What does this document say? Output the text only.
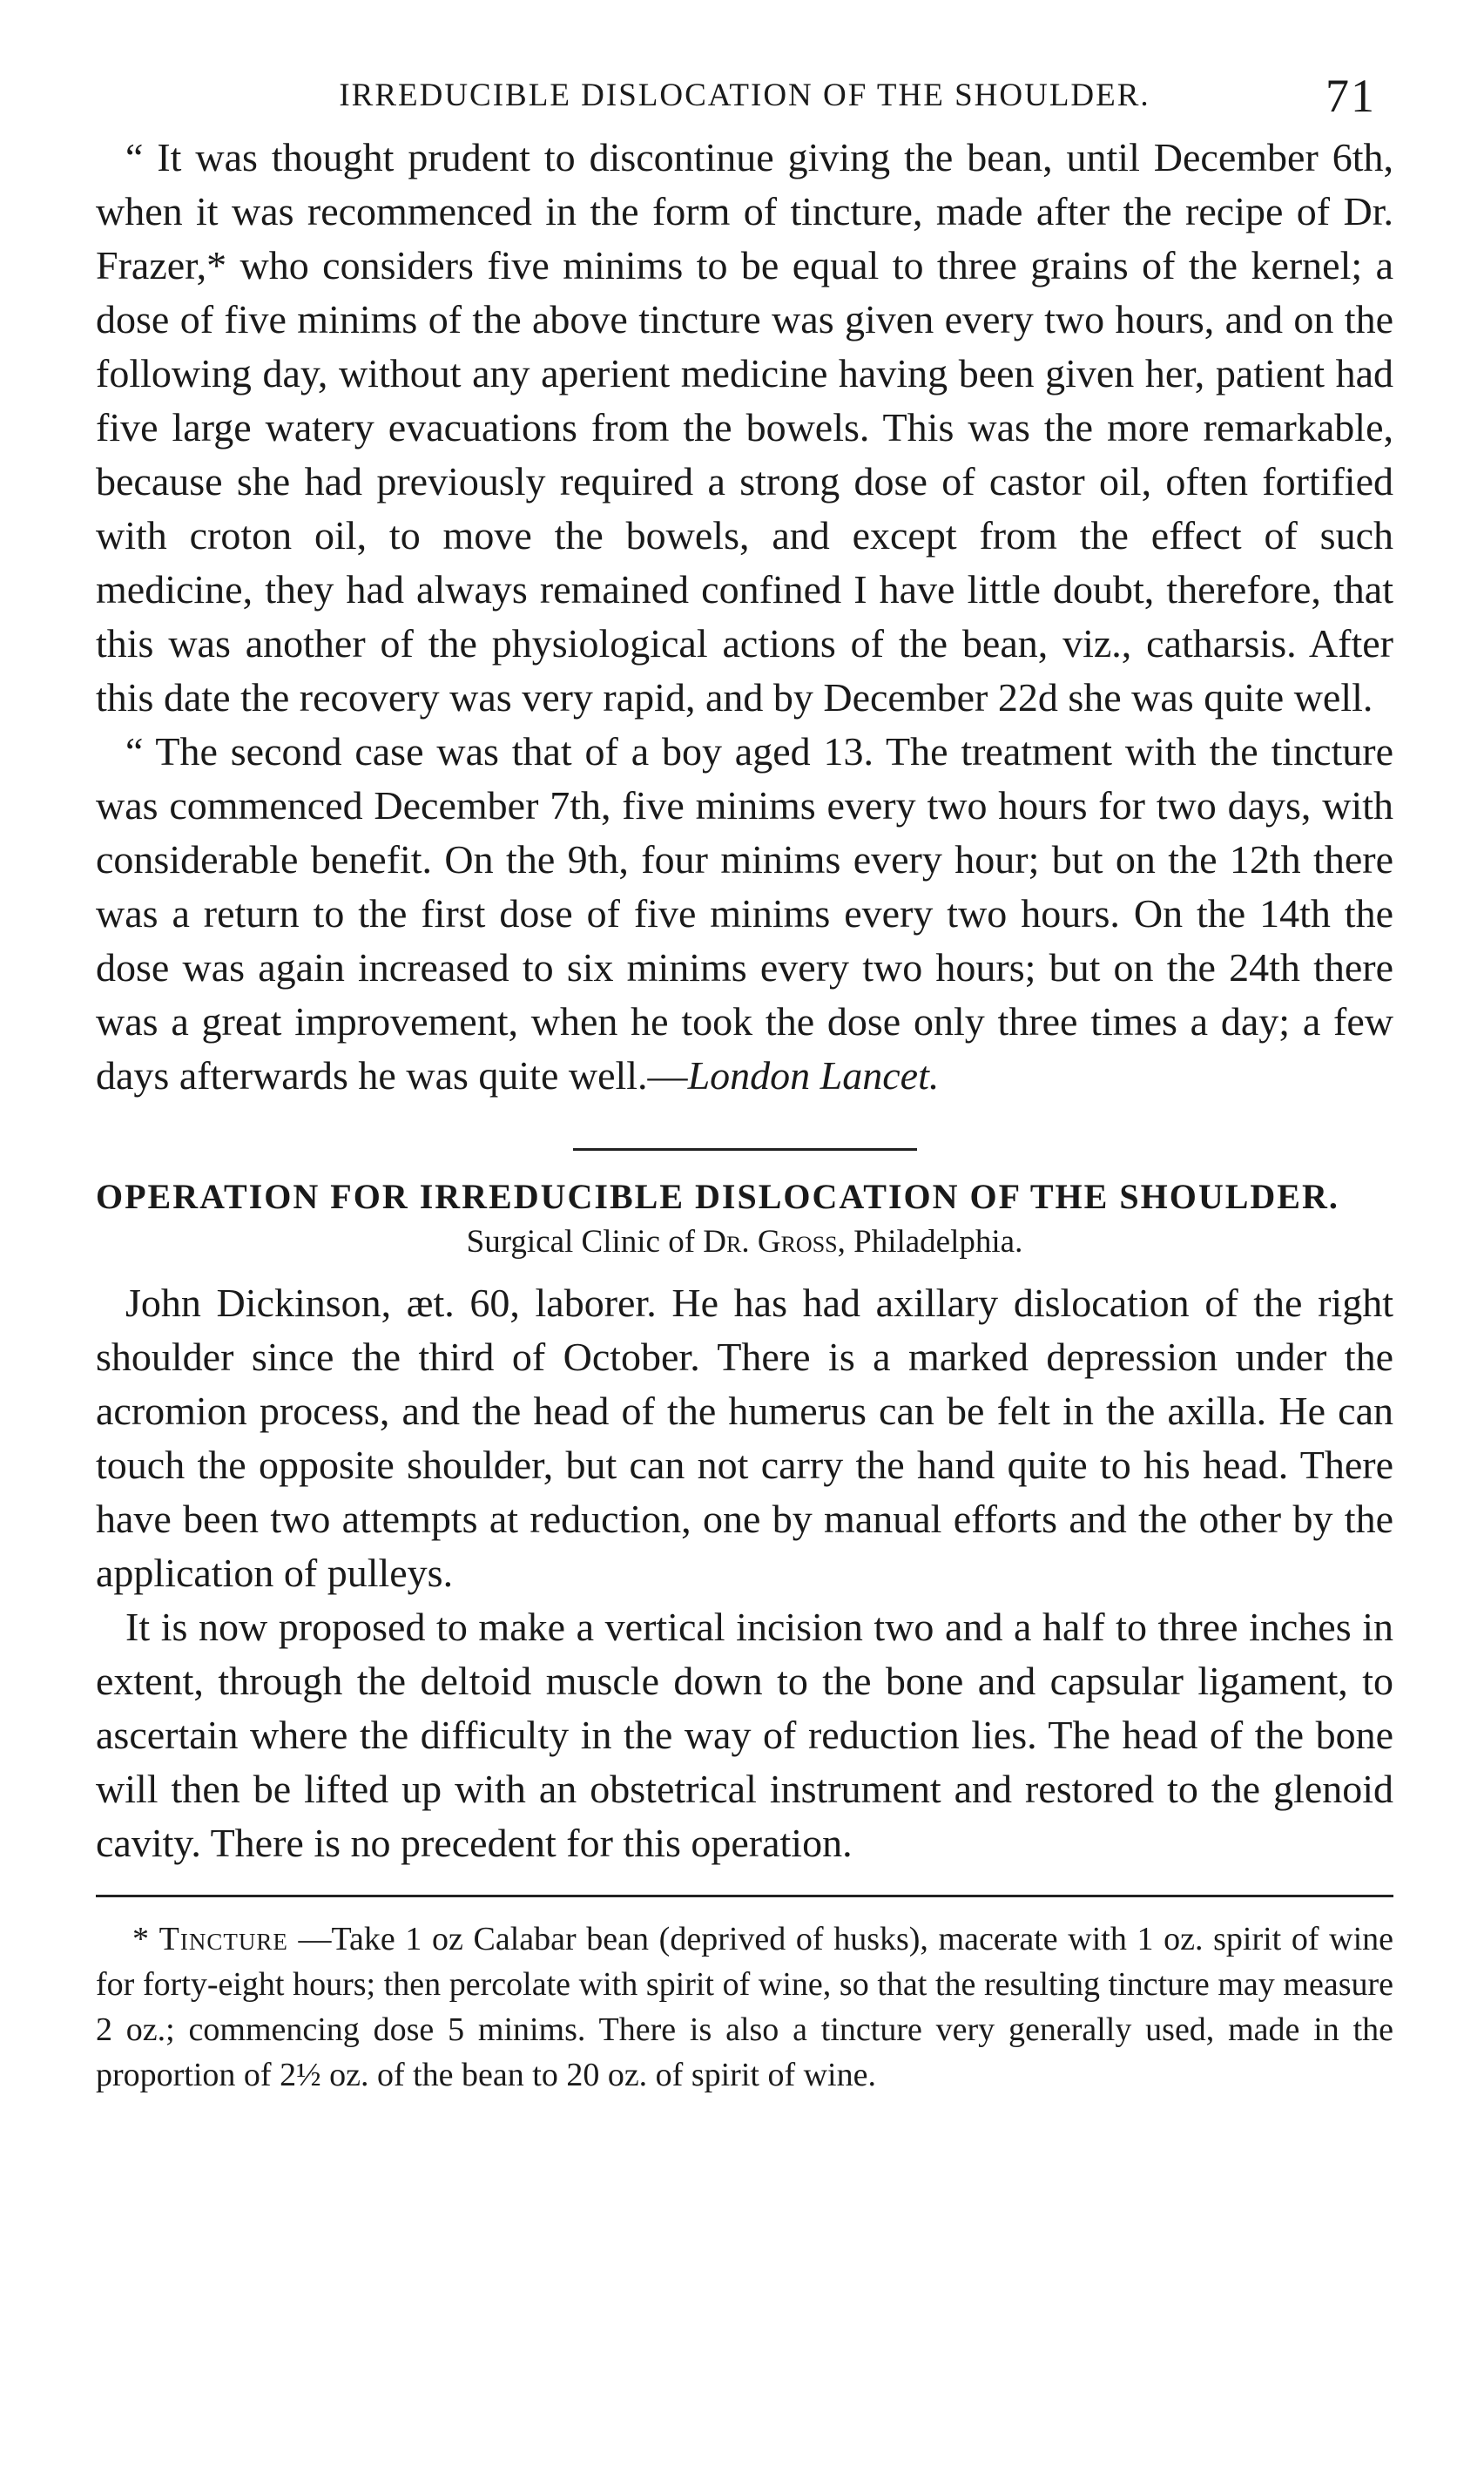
IRREDUCIBLE DISLOCATION OF THE SHOULDER.	71

“ It was thought prudent to discontinue giving the bean, until December 6th, when it was recommenced in the form of tincture, made after the recipe of Dr. Frazer,* who considers five minims to be equal to three grains of the kernel; a dose of five minims of the above tincture was given every two hours, and on the following day, without any aperient medicine having been given her, patient had five large watery evacuations from the bowels. This was the more remarkable, because she had previously required a strong dose of castor oil, often fortified with croton oil, to move the bowels, and except from the effect of such medicine, they had always remained confined I have little doubt, therefore, that this was another of the physiological actions of the bean, viz., catharsis. After this date the recovery was very rapid, and by December 22d she was quite well.

“ The second case was that of a boy aged 13. The treatment with the tincture was commenced December 7th, five minims every two hours for two days, with considerable benefit. On the 9th, four minims every hour; but on the 12th there was a return to the first dose of five minims every two hours. On the 14th the dose was again increased to six minims every two hours; but on the 24th there was a great improvement, when he took the dose only three times a day; a few days afterwards he was quite well.—London Lancet.

OPERATION FOR IRREDUCIBLE DISLOCATION OF THE SHOULDER.

Surgical Clinic of Dr. Gross, Philadelphia.

John Dickinson, æt. 60, laborer. He has had axillary dislocation of the right shoulder since the third of October. There is a marked depression under the acromion process, and the head of the humerus can be felt in the axilla. He can touch the opposite shoulder, but can not carry the hand quite to his head. There have been two attempts at reduction, one by manual efforts and the other by the application of pulleys.

It is now proposed to make a vertical incision two and a half to three inches in extent, through the deltoid muscle down to the bone and capsular ligament, to ascertain where the difficulty in the way of reduction lies. The head of the bone will then be lifted up with an obstetrical instrument and restored to the glenoid cavity. There is no precedent for this operation.

* Tincture —Take 1 oz Calabar bean (deprived of husks), macerate with 1 oz. spirit of wine for forty-eight hours; then percolate with spirit of wine, so that the resulting tincture may measure 2 oz.; commencing dose 5 minims. There is also a tincture very generally used, made in the proportion of 2½ oz. of the bean to 20 oz. of spirit of wine.
